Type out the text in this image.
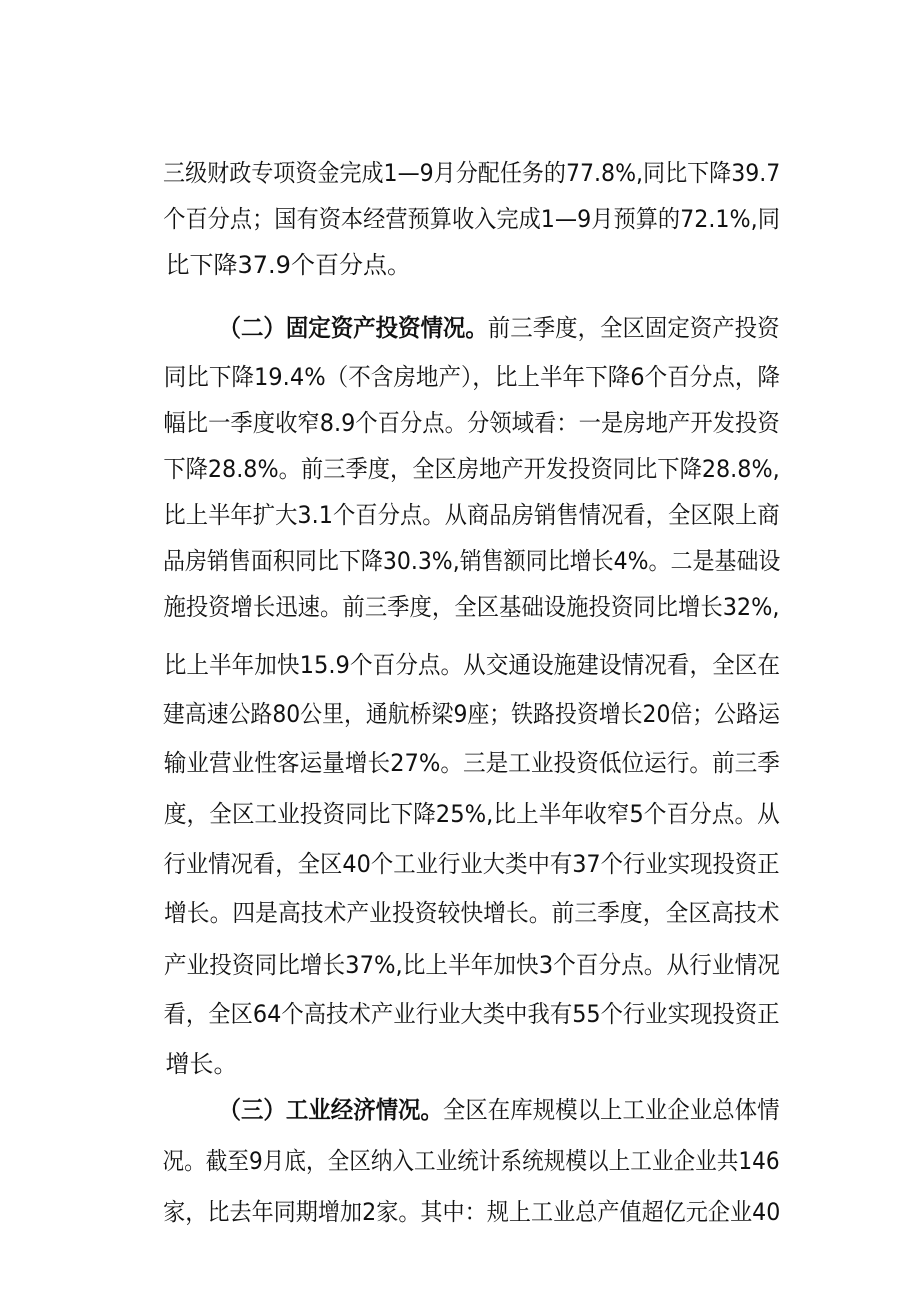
三级财政专项资金完成1—9月分配任务的77.8%,同比下降39.7

个百分点；国有资本经营预算收入完成1—9月预算的72.1%,同

比下降37.9个百分点。

（二）固定资产投资情况。前三季度，全区固定资产投资

同比下降19.4%（不含房地产），比上半年下降6个百分点，降

幅比一季度收窄8.9个百分点。分领域看：一是房地产开发投资

下降28.8%。前三季度，全区房地产开发投资同比下降28.8%,

比上半年扩大3.1个百分点。从商品房销售情况看，全区限上商

品房销售面积同比下降30.3%,销售额同比增长4%。二是基础设

施投资增长迅速。前三季度，全区基础设施投资同比增长32%,

比上半年加快15.9个百分点。从交通设施建设情况看，全区在

建高速公路80公里，通航桥梁9座；铁路投资增长20倍；公路运

输业营业性客运量增长27%。三是工业投资低位运行。前三季

度，全区工业投资同比下降25%,比上半年收窄5个百分点。从

行业情况看，全区40个工业行业大类中有37个行业实现投资正

增长。四是高技术产业投资较快增长。前三季度，全区高技术

产业投资同比增长37%,比上半年加快3个百分点。从行业情况

看，全区64个高技术产业行业大类中我有55个行业实现投资正

增长。

（三）工业经济情况。全区在库规模以上工业企业总体情

况。截至9月底，全区纳入工业统计系统规模以上工业企业共146

家，比去年同期增加2家。其中：规上工业总产值超亿元企业40
